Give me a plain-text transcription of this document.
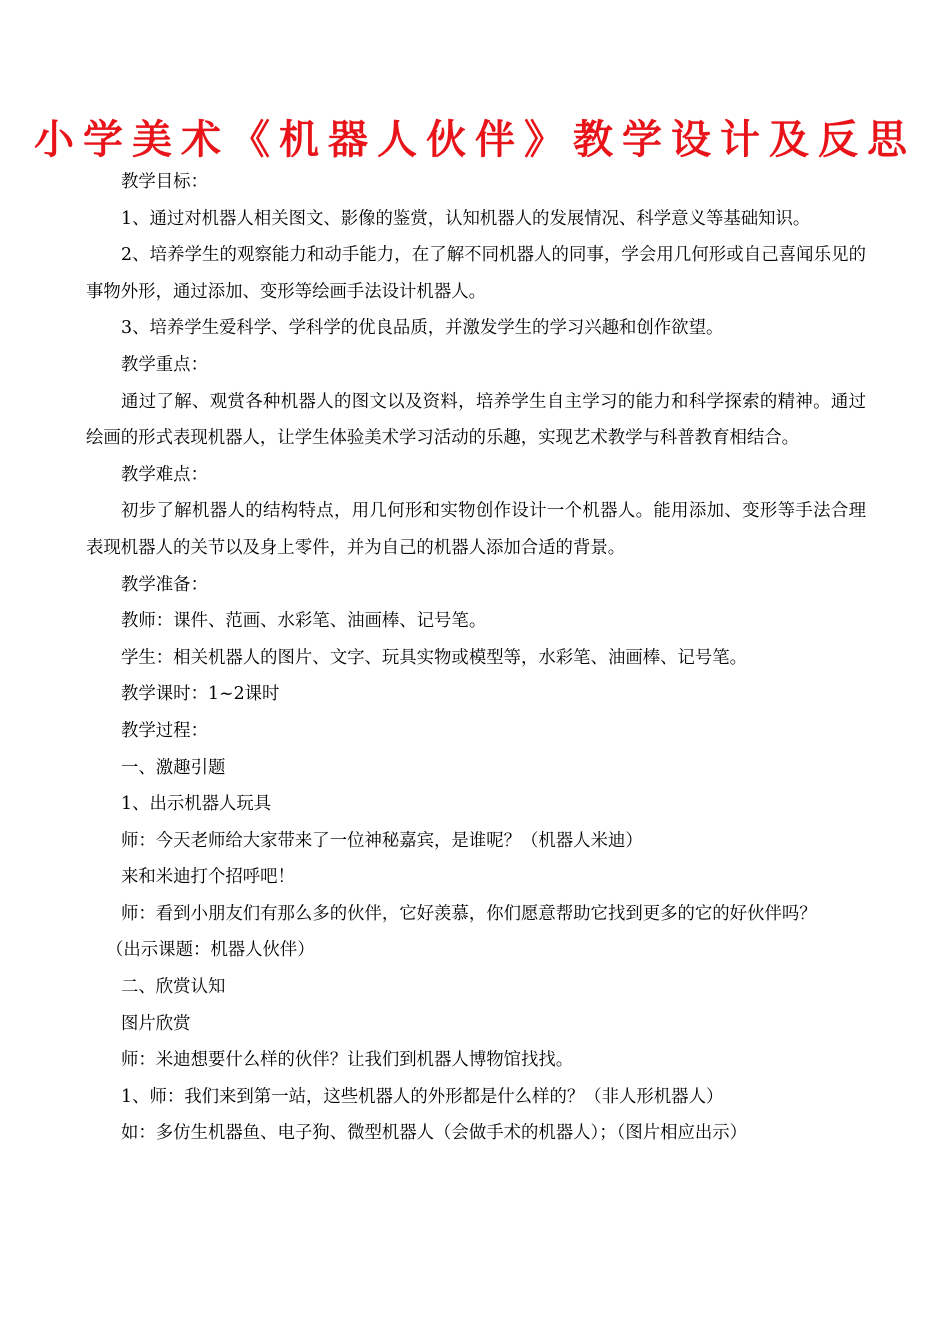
小学美术《机器人伙伴》教学设计及反思

教学目标：

1、通过对机器人相关图文、影像的鉴赏，认知机器人的发展情况、科学意义等基础知识。

2、培养学生的观察能力和动手能力，在了解不同机器人的同事，学会用几何形或自己喜闻乐见的事物外形，通过添加、变形等绘画手法设计机器人。

3、培养学生爱科学、学科学的优良品质，并激发学生的学习兴趣和创作欲望。

教学重点：

通过了解、观赏各种机器人的图文以及资料，培养学生自主学习的能力和科学探索的精神。通过绘画的形式表现机器人，让学生体验美术学习活动的乐趣，实现艺术教学与科普教育相结合。

教学难点：

初步了解机器人的结构特点，用几何形和实物创作设计一个机器人。能用添加、变形等手法合理表现机器人的关节以及身上零件，并为自己的机器人添加合适的背景。

教学准备：

教师：课件、范画、水彩笔、油画棒、记号笔。

学生：相关机器人的图片、文字、玩具实物或模型等，水彩笔、油画棒、记号笔。

教学课时：1~2课时

教学过程：

一、激趣引题

1、出示机器人玩具

师：今天老师给大家带来了一位神秘嘉宾，是谁呢？（机器人米迪）

来和米迪打个招呼吧！

师：看到小朋友们有那么多的伙伴，它好羡慕，你们愿意帮助它找到更多的它的好伙伴吗？

（出示课题：机器人伙伴）

二、欣赏认知

图片欣赏

师：米迪想要什么样的伙伴？让我们到机器人博物馆找找。

1、师：我们来到第一站，这些机器人的外形都是什么样的？（非人形机器人）

如：多仿生机器鱼、电子狗、微型机器人（会做手术的机器人）；（图片相应出示）
